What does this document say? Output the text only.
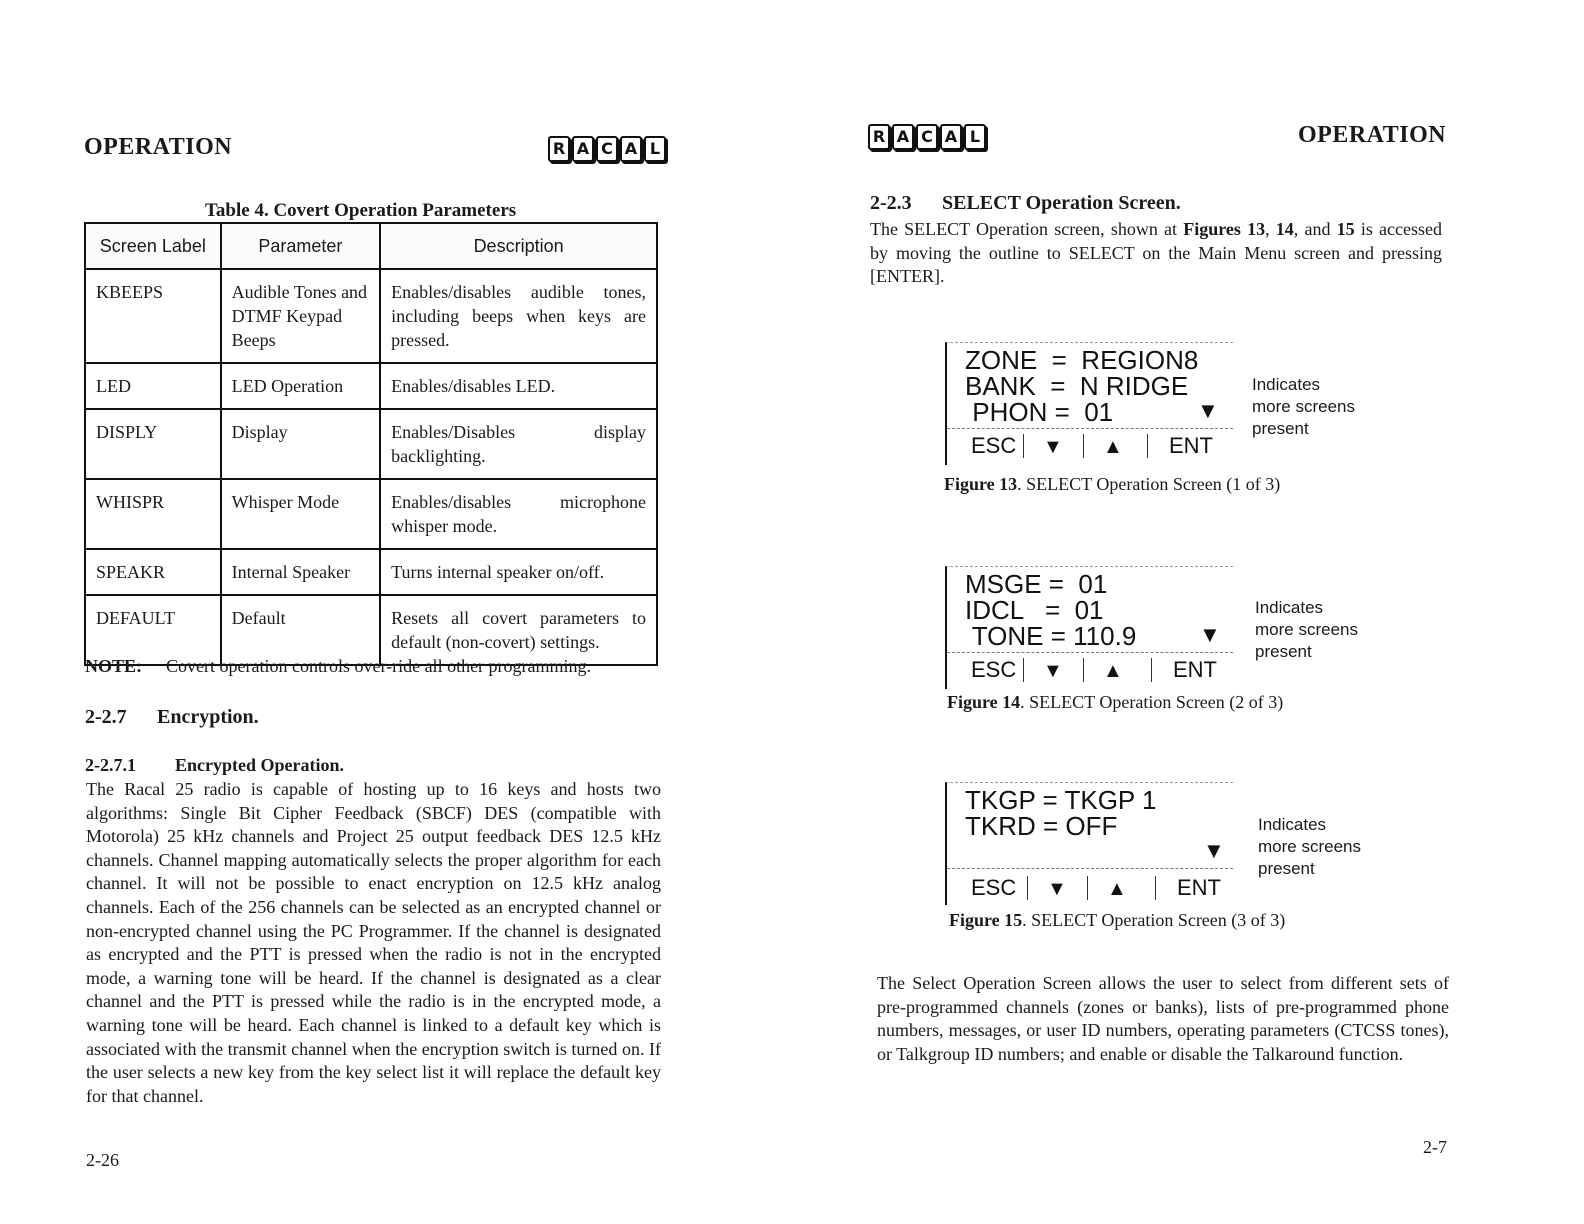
OPERATION	R A C A L
Table 4. Covert Operation Parameters
Screen Label	Parameter	Description
KBEEPS	Audible Tones and DTMF Keypad Beeps	Enables/disables audible tones, including beeps when keys are pressed.
LED	LED Operation	Enables/disables LED.
DISPLY	Display	Enables/Disables display backlighting.
WHISPR	Whisper Mode	Enables/disables microphone whisper mode.
SPEAKR	Internal Speaker	Turns internal speaker on/off.
DEFAULT	Default	Resets all covert parameters to default (non-covert) settings.
NOTE: Covert operation controls over-ride all other programming.
2-2.7 Encryption.
2-2.7.1 Encrypted Operation.
The Racal 25 radio is capable of hosting up to 16 keys and hosts two algorithms: Single Bit Cipher Feedback (SBCF) DES (compatible with Motorola) 25 kHz channels and Project 25 output feedback DES 12.5 kHz channels. Channel mapping automatically selects the proper algorithm for each channel. It will not be possible to enact encryption on 12.5 kHz analog channels. Each of the 256 channels can be selected as an encrypted channel or non-encrypted channel using the PC Programmer. If the channel is designated as encrypted and the PTT is pressed when the radio is not in the encrypted mode, a warning tone will be heard. If the channel is designated as a clear channel and the PTT is pressed while the radio is in the encrypted mode, a warning tone will be heard. Each channel is linked to a default key which is associated with the transmit channel when the encryption switch is turned on. If the user selects a new key from the key select list it will replace the default key for that channel.
2-26
R A C A L	OPERATION
2-2.3 SELECT Operation Screen.
The SELECT Operation screen, shown at Figures 13, 14, and 15 is accessed by moving the outline to SELECT on the Main Menu screen and pressing [ENTER].
ZONE  =  REGION8
BANK  =  N RIDGE
PHON =  01	▼
ESC ▼ ▲ ENT
Indicates
more screens
present
Figure 13. SELECT Operation Screen (1 of 3)
MSGE =  01
IDCL   =  01
TONE = 110.9	▼
ESC ▼ ▲ ENT
Indicates
more screens
present
Figure 14. SELECT Operation Screen (2 of 3)
TKGP = TKGP 1
TKRD = OFF
▼
ESC ▼ ▲ ENT
Indicates
more screens
present
Figure 15. SELECT Operation Screen (3 of 3)
The Select Operation Screen allows the user to select from different sets of pre-programmed channels (zones or banks), lists of pre-programmed phone numbers, messages, or user ID numbers, operating parameters (CTCSS tones), or Talkgroup ID numbers; and enable or disable the Talkaround function.
2-7
